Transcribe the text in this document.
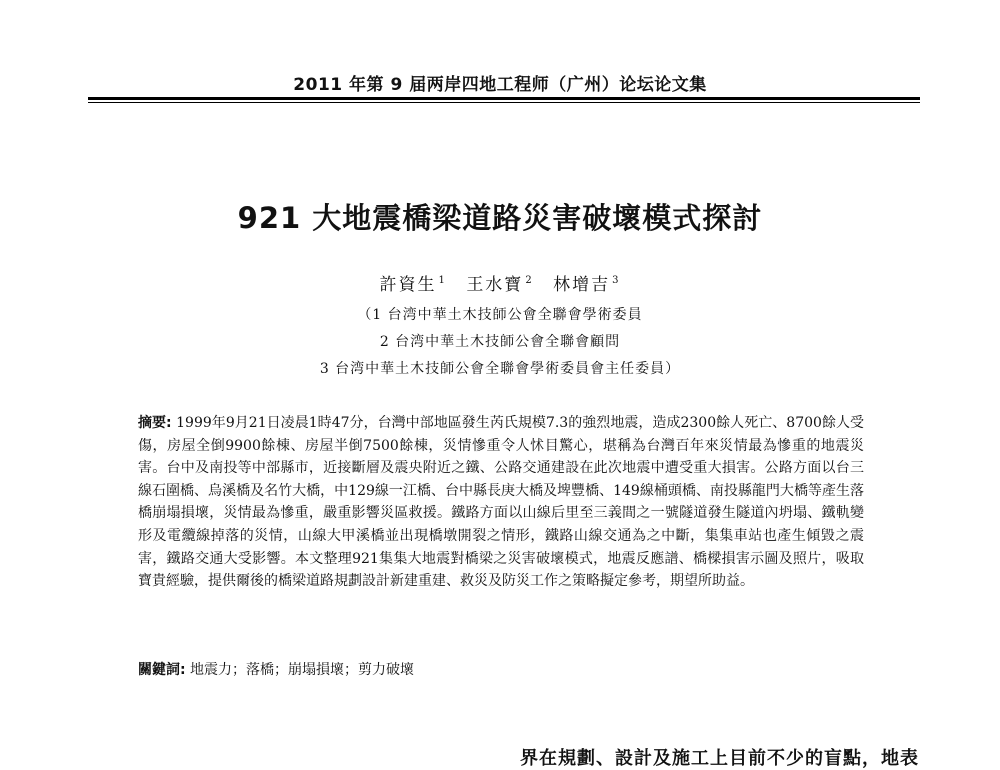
2011 年第 9 届两岸四地工程师（广州）论坛论文集
921 大地震橋梁道路災害破壞模式探討
許資生 $^1$ 王水寶 $^2$ 林增吉 $^3$
（1 台湾中華土木技師公會全聯會學術委員
2 台湾中華土木技師公會全聯會顧問
3 台湾中華土木技師公會全聯會學術委員會主任委員）
摘要: 1999年9月21日凌晨1時47分，台灣中部地區發生芮氏規模7.3的強烈地震，造成2300餘人死亡、8700餘人受傷，房屋全倒9900餘棟、房屋半倒7500餘棟，災情慘重令人怵目驚心，堪稱為台灣百年來災情最為慘重的地震災害。台中及南投等中部縣市，近接斷層及震央附近之鐵、公路交通建設在此次地震中遭受重大損害。公路方面以台三線石圍橋、烏溪橋及名竹大橋，中129線一江橋、台中縣長庚大橋及埤豐橋、149線桶頭橋、南投縣龍門大橋等產生落橋崩塌損壞，災情最為慘重，嚴重影響災區救援。鐵路方面以山線后里至三義間之一號隧道發生隧道內坍塌、鐵軌變形及電纜線掉落的災情，山線大甲溪橋並出現橋墩開裂之情形，鐵路山線交通為之中斷，集集車站也產生傾毀之震害，鐵路交通大受影響。本文整理921集集大地震對橋梁之災害破壞模式，地震反應譜、橋樑損害示圖及照片，吸取寶貴經驗，提供爾後的橋梁道路規劃設計新建重建、救災及防災工作之策略擬定參考，期望所助益。
關鍵詞: 地震力；落橋；崩塌損壞；剪力破壞
界在規劃、設計及施工上目前不少的盲點，地表
